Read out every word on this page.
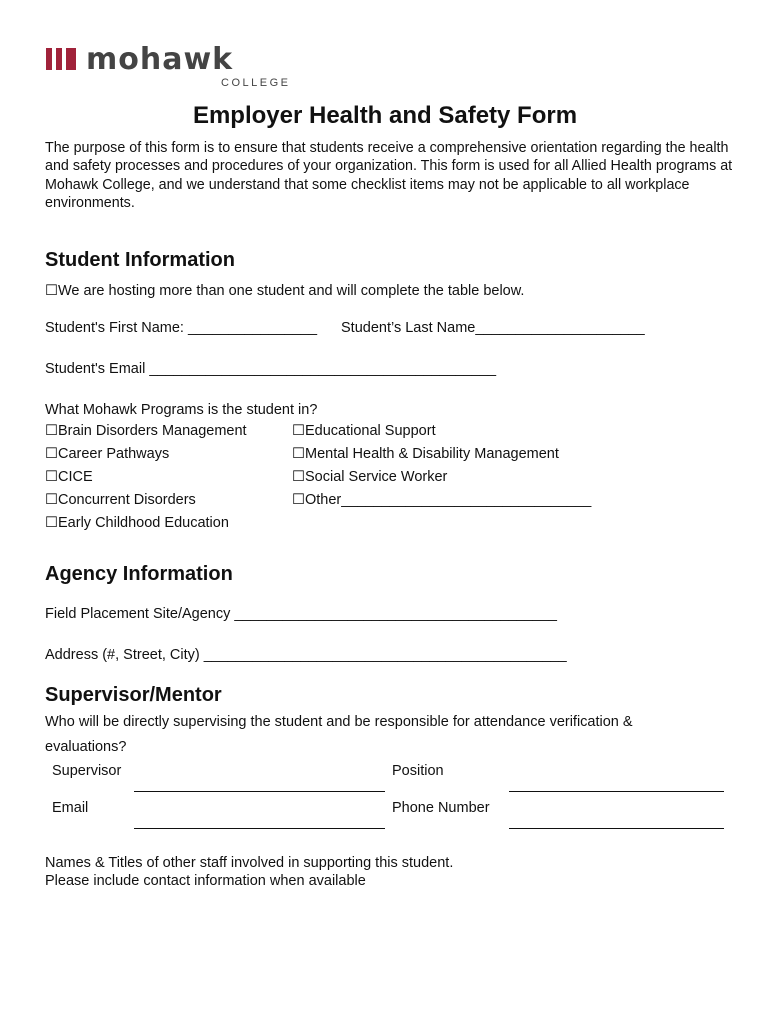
mohawk
COLLEGE
Employer Health and Safety Form
The purpose of this form is to ensure that students receive a comprehensive orientation regarding the health and safety processes and procedures of your organization. This form is used for all Allied Health programs at Mohawk College, and we understand that some checklist items may not be applicable to all workplace environments.
Student Information
☐We are hosting more than one student and will complete the table below.
Student's First Name: ________________ Student’s Last Name_____________________
Student's Email ___________________________________________
What Mohawk Programs is the student in?
☐Brain Disorders Management
☐Career Pathways
☐CICE
☐Concurrent Disorders
☐Early Childhood Education
☐Educational Support
☐Mental Health & Disability Management
☐Social Service Worker
☐Other_______________________________
Agency Information
Field Placement Site/Agency ________________________________________
Address (#, Street, City) _____________________________________________
Supervisor/Mentor
Who will be directly supervising the student and be responsible for attendance verification &
evaluations?
Supervisor	Position
Email	Phone Number
Names & Titles of other staff involved in supporting this student.
Please include contact information when available
